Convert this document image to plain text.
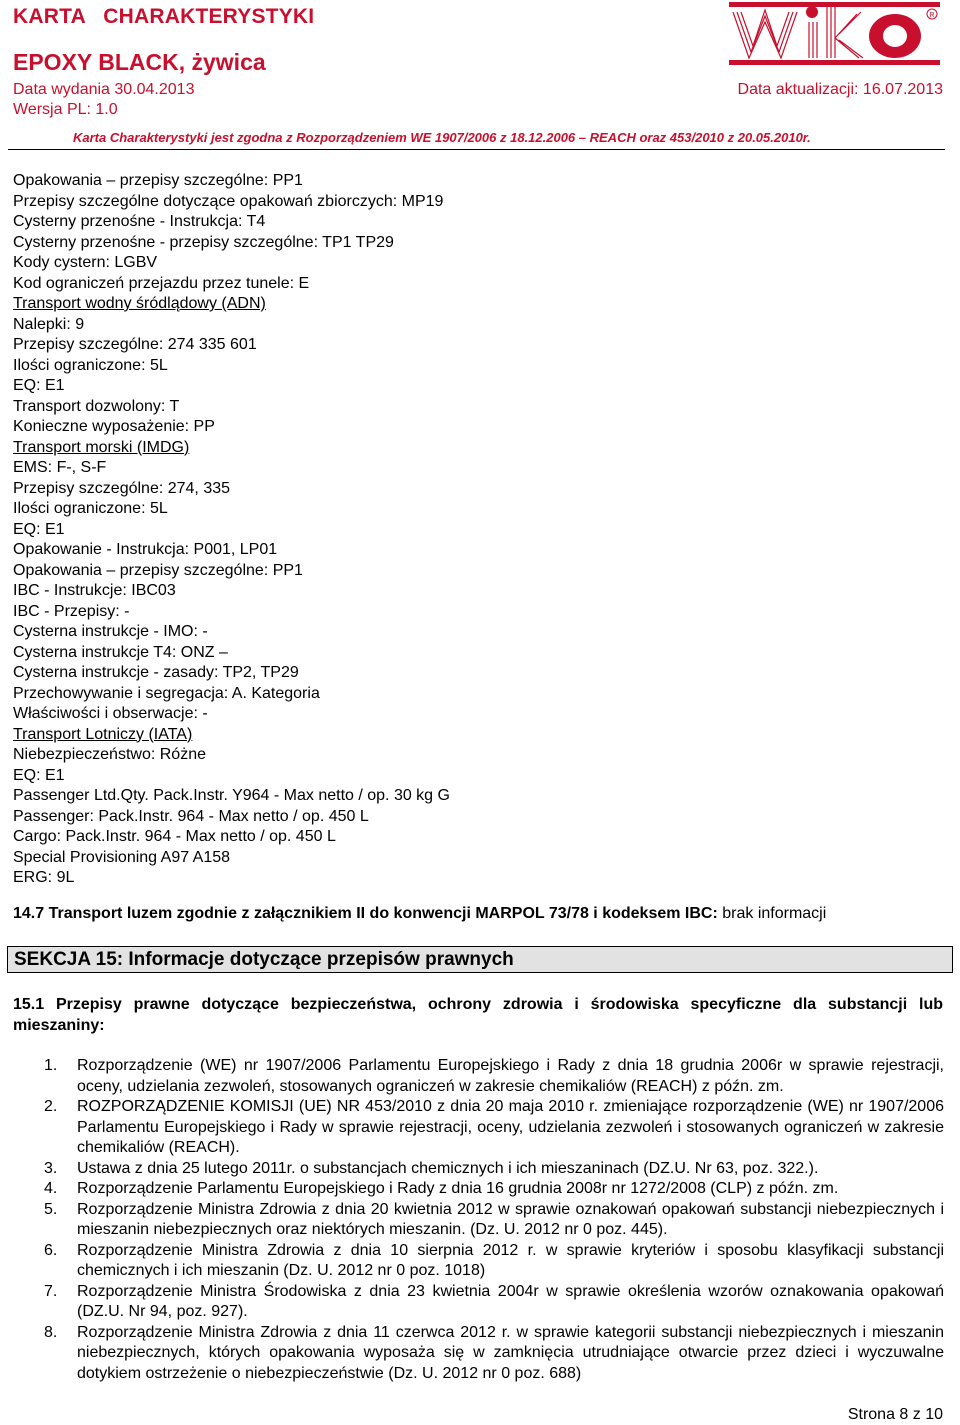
KARTA   CHARAKTERYSTYKI
EPOXY BLACK, żywica
Data wydania 30.04.2013	Data aktualizacji: 16.07.2013
Wersja PL: 1.0
Karta Charakterystyki jest zgodna z Rozporządzeniem WE 1907/2006 z 18.12.2006 – REACH oraz 453/2010 z 20.05.2010r.
R
Opakowania – przepisy szczególne: PP1
Przepisy szczególne dotyczące opakowań zbiorczych: MP19
Cysterny przenośne - Instrukcja: T4
Cysterny przenośne - przepisy szczególne: TP1 TP29
Kody cystern: LGBV
Kod ograniczeń przejazdu przez tunele: E
Transport wodny śródlądowy (ADN)
Nalepki: 9
Przepisy szczególne: 274 335 601
Ilości ograniczone: 5L
EQ: E1
Transport dozwolony: T
Konieczne wyposażenie: PP
Transport morski (IMDG)
EMS: F-, S-F
Przepisy szczególne: 274, 335
Ilości ograniczone: 5L
EQ: E1
Opakowanie - Instrukcja: P001, LP01
Opakowania – przepisy szczególne: PP1
IBC - Instrukcje: IBC03
IBC - Przepisy: -
Cysterna instrukcje - IMO: -
Cysterna instrukcje T4: ONZ –
Cysterna instrukcje - zasady: TP2, TP29
Przechowywanie i segregacja: A. Kategoria
Właściwości i obserwacje: -
Transport Lotniczy (IATA)
Niebezpieczeństwo: Różne
EQ: E1
Passenger Ltd.Qty. Pack.Instr. Y964 - Max netto / op. 30 kg G
Passenger: Pack.Instr. 964 - Max netto / op. 450 L
Cargo: Pack.Instr. 964 - Max netto / op. 450 L
Special Provisioning A97 A158
ERG: 9L
14.7 Transport luzem zgodnie z załącznikiem II do konwencji MARPOL 73/78 i kodeksem IBC: brak informacji
SEKCJA 15: Informacje dotyczące przepisów prawnych
15.1 Przepisy prawne dotyczące bezpieczeństwa, ochrony zdrowia i środowiska specyficzne dla substancji lub mieszaniny:
1. Rozporządzenie (WE) nr 1907/2006 Parlamentu Europejskiego i Rady z dnia 18 grudnia 2006r w sprawie rejestracji, oceny, udzielania zezwoleń, stosowanych ograniczeń w zakresie chemikaliów (REACH) z późn. zm.
2. ROZPORZĄDZENIE KOMISJI (UE) NR 453/2010 z dnia 20 maja 2010 r. zmieniające rozporządzenie (WE) nr 1907/2006 Parlamentu Europejskiego i Rady w sprawie rejestracji, oceny, udzielania zezwoleń i stosowanych ograniczeń w zakresie chemikaliów (REACH).
3. Ustawa z dnia 25 lutego 2011r. o substancjach chemicznych i ich mieszaninach (DZ.U. Nr 63, poz. 322.).
4. Rozporządzenie Parlamentu Europejskiego i Rady z dnia 16 grudnia 2008r nr 1272/2008 (CLP) z późn. zm.
5. Rozporządzenie Ministra Zdrowia z dnia 20 kwietnia 2012 w sprawie oznakowań opakowań substancji niebezpiecznych i mieszanin niebezpiecznych oraz niektórych mieszanin. (Dz. U. 2012 nr 0 poz. 445).
6. Rozporządzenie Ministra Zdrowia z dnia 10 sierpnia 2012 r. w sprawie kryteriów i sposobu klasyfikacji substancji chemicznych i ich mieszanin (Dz. U. 2012 nr 0 poz. 1018)
7. Rozporządzenie Ministra Środowiska z dnia 23 kwietnia 2004r w sprawie określenia wzorów oznakowania opakowań (DZ.U. Nr 94, poz. 927).
8. Rozporządzenie Ministra Zdrowia z dnia 11 czerwca 2012 r. w sprawie kategorii substancji niebezpiecznych i mieszanin niebezpiecznych, których opakowania wyposaża się w zamknięcia utrudniające otwarcie przez dzieci i wyczuwalne dotykiem ostrzeżenie o niebezpieczeństwie (Dz. U. 2012 nr 0 poz. 688)
Strona 8 z 10
